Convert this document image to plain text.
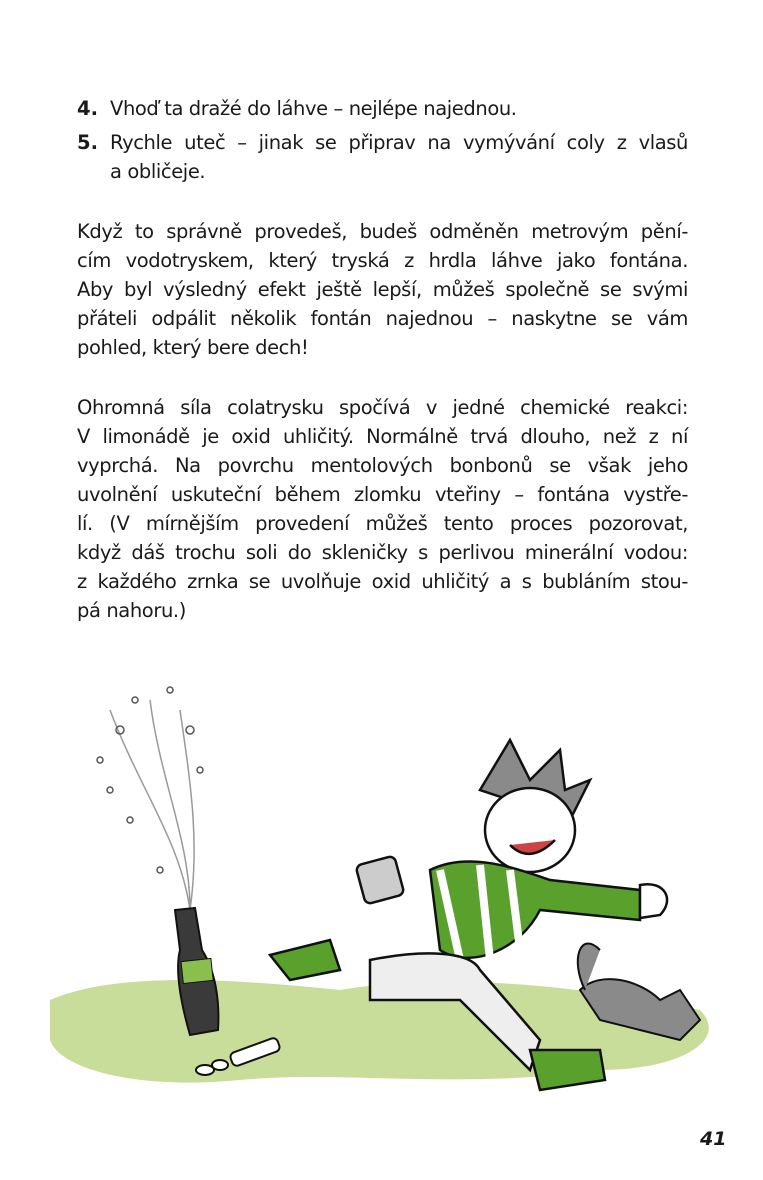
4. Vhoď ta dražé do láhve – nejlépe najednou.
5. Rychle uteč – jinak se připrav na vymývání coly z vlasů
a obličeje.
Když to správně provedeš, budeš odměněn metrovým pění-
cím vodotryskem, který tryská z hrdla láhve jako fontána.
Aby byl výsledný efekt ještě lepší, můžeš společně se svými
přáteli odpálit několik fontán najednou – naskytne se vám
pohled, který bere dech!
Ohromná síla colatrysku spočívá v jedné chemické reakci:
V limonádě je oxid uhličitý. Normálně trvá dlouho, než z ní
vyprchá. Na povrchu mentolových bonbonů se však jeho
uvolnění uskuteční během zlomku vteřiny – fontána vystře-
lí. (V mírnějším provedení můžeš tento proces pozorovat,
když dáš trochu soli do skleničky s perlivou minerální vodou:
z každého zrnka se uvolňuje oxid uhličitý a s bubláním stou-
pá nahoru.)
41
